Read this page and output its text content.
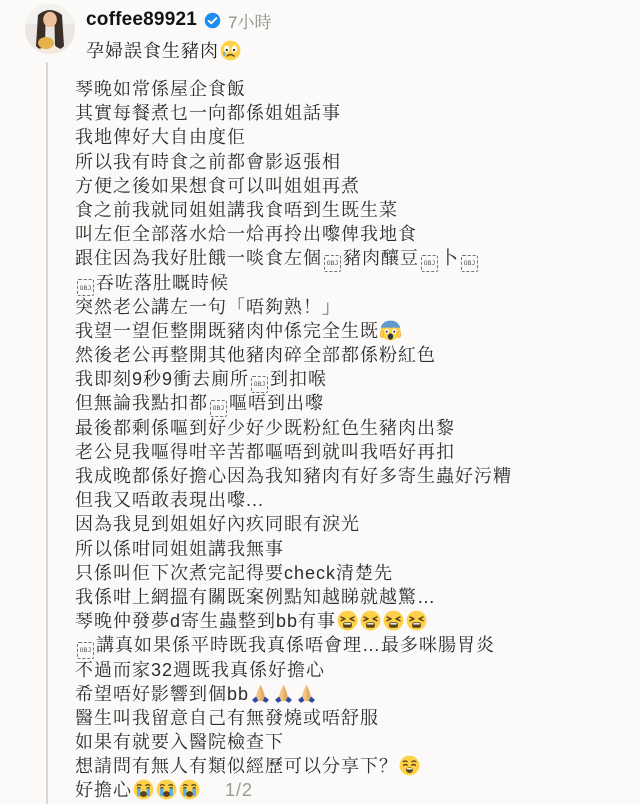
coffee89921 7小時
孕婦誤食生豬肉
琴晚如常係屋企食飯
其實每餐煮乜一向都係姐姐話事
我地俾好大自由度佢
所以我有時食之前都會影返張相
方便之後如果想食可以叫姐姐再煮
食之前我就同姐姐講我食唔到生既生菜
叫左佢全部落水烚一烚再拎出嚟俾我地食
跟住因為我好肚餓一啖食左個 OBJ 豬肉釀豆 OBJ 卜 OBJ
OBJ 吞咗落肚嘅時候
突然老公講左一句「唔夠熟！」
我望一望佢整開既豬肉仲係完全生既
然後老公再整開其他豬肉碎全部都係粉紅色
我即刻9秒9衝去廁所 OBJ 到扣喉
但無論我點扣都 OBJ 嘔唔到出嚟
最後都剩係嘔到好少好少既粉紅色生豬肉出黎
老公見我嘔得咁辛苦都嘔唔到就叫我唔好再扣
我成晚都係好擔心因為我知豬肉有好多寄生蟲好污糟
但我又唔敢表現出嚟...
因為我見到姐姐好內疚同眼有淚光
所以係咁同姐姐講我無事
只係叫佢下次煮完記得要check清楚先
我係咁上網搵有關既案例點知越睇就越驚…
琴晚仲發夢d寄生蟲整到bb有事
OBJ 講真如果係平時既我真係唔會理…最多咪腸胃炎
不過而家32週既我真係好擔心
希望唔好影響到個bb
醫生叫我留意自己有無發燒或唔舒服
如果有就要入醫院檢查下
想請問有無人有類似經歷可以分享下？
好擔心	1/2
